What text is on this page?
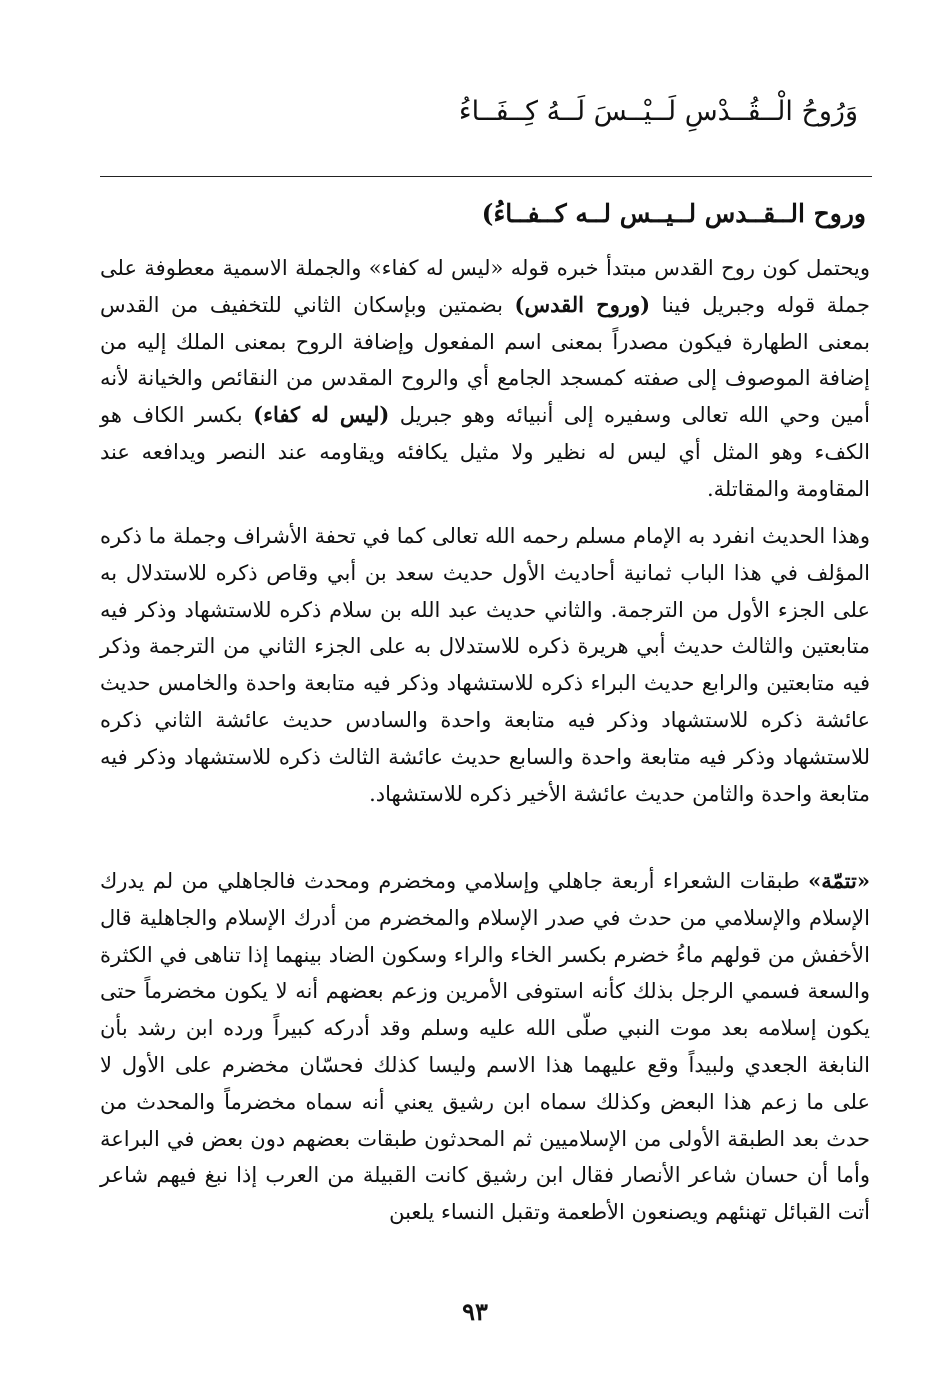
وَرُوحُ الْــقُــدْسِ لَــيْــسَ لَــهُ كِــفَــاءُ
وروح الــقــدس لــيــس لــه كــفــاءُ)

ويحتمل كون روح القدس مبتدأ خبره قوله «ليس له كفاء» والجملة الاسمية معطوفة على جملة قوله وجبريل فينا (وروح القدس) بضمتين وبإسكان الثاني للتخفيف من القدس بمعنى الطهارة فيكون مصدراً بمعنى اسم المفعول وإضافة الروح بمعنى الملك إليه من إضافة الموصوف إلى صفته كمسجد الجامع أي والروح المقدس من النقائص والخيانة لأنه أمين وحي الله تعالى وسفيره إلى أنبيائه وهو جبريل (ليس له كفاء) بكسر الكاف هو الكفء وهو المثل أي ليس له نظير ولا مثيل يكافئه ويقاومه عند النصر ويدافعه عند المقاومة والمقاتلة.

وهذا الحديث انفرد به الإمام مسلم رحمه الله تعالى كما في تحفة الأشراف وجملة ما ذكره المؤلف في هذا الباب ثمانية أحاديث الأول حديث سعد بن أبي وقاص ذكره للاستدلال به على الجزء الأول من الترجمة. والثاني حديث عبد الله بن سلام ذكره للاستشهاد وذكر فيه متابعتين والثالث حديث أبي هريرة ذكره للاستدلال به على الجزء الثاني من الترجمة وذكر فيه متابعتين والرابع حديث البراء ذكره للاستشهاد وذكر فيه متابعة واحدة والخامس حديث عائشة ذكره للاستشهاد وذكر فيه متابعة واحدة والسادس حديث عائشة الثاني ذكره للاستشهاد وذكر فيه متابعة واحدة والسابع حديث عائشة الثالث ذكره للاستشهاد وذكر فيه متابعة واحدة والثامن حديث عائشة الأخير ذكره للاستشهاد.

«تتمّة» طبقات الشعراء أربعة جاهلي وإسلامي ومخضرم ومحدث فالجاهلي من لم يدرك الإسلام والإسلامي من حدث في صدر الإسلام والمخضرم من أدرك الإسلام والجاهلية قال الأخفش من قولهم ماءُ خضرم بكسر الخاء والراء وسكون الضاد بينهما إذا تناهى في الكثرة والسعة فسمي الرجل بذلك كأنه استوفى الأمرين وزعم بعضهم أنه لا يكون مخضرماً حتى يكون إسلامه بعد موت النبي صلّى الله عليه وسلم وقد أدركه كبيراً ورده ابن رشد بأن النابغة الجعدي ولبيداً وقع عليهما هذا الاسم وليسا كذلك فحسّان مخضرم على الأول لا على ما زعم هذا البعض وكذلك سماه ابن رشيق يعني أنه سماه مخضرماً والمحدث من حدث بعد الطبقة الأولى من الإسلاميين ثم المحدثون طبقات بعضهم دون بعض في البراعة وأما أن حسان شاعر الأنصار فقال ابن رشيق كانت القبيلة من العرب إذا نبغ فيهم شاعر أتت القبائل تهنئهم ويصنعون الأطعمة وتقبل النساء يلعبن

٩٣
